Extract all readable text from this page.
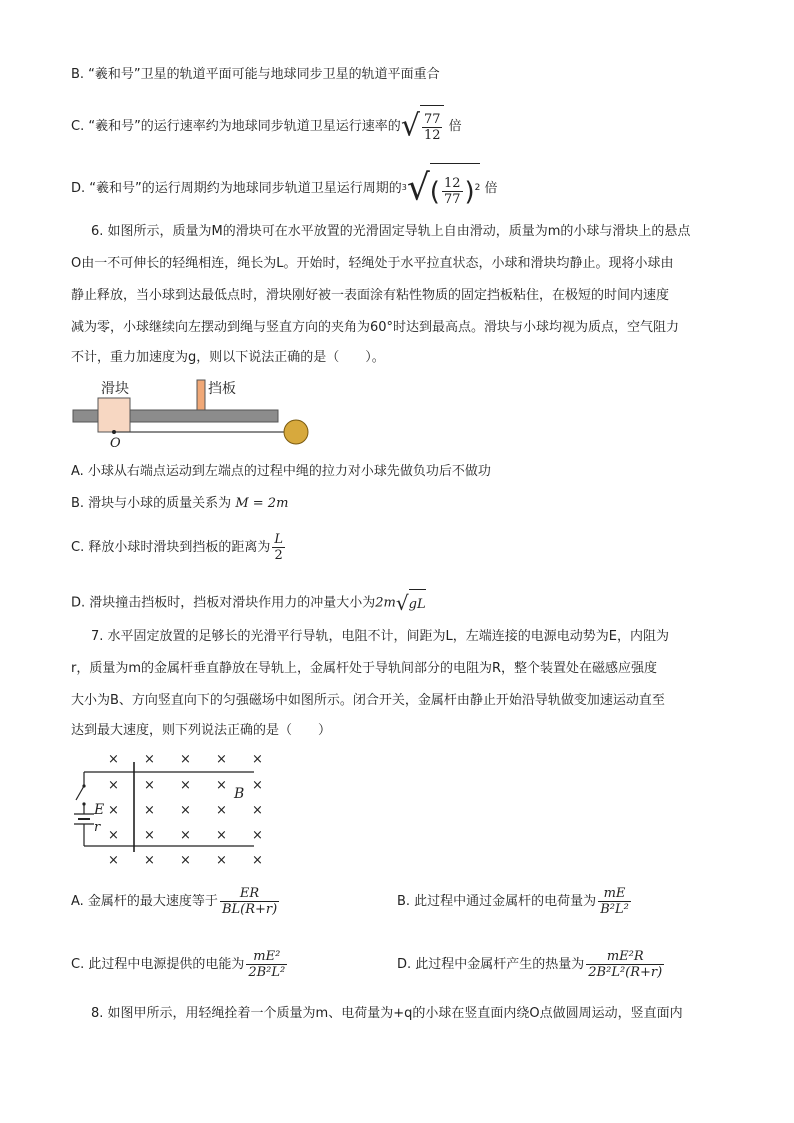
B. “羲和号”卫星的轨道平面可能与地球同步卫星的轨道平面重合
C. “羲和号”的运行速率约为地球同步轨道卫星运行速率的√ $\frac{77}{12}$ 倍
D. “羲和号”的运行周期约为地球同步轨道卫星运行周期的$3√( \frac{12}{77} )^2$ 倍
6. 如图所示，质量为M的滑块可在水平放置的光滑固定导轨上自由滑动，质量为m的小球与滑块上的悬点
O由一不可伸长的轻绳相连，绳长为L。开始时，轻绳处于水平拉直状态，小球和滑块均静止。现将小球由
静止释放，当小球到达最低点时，滑块刚好被一表面涂有粘性物质的固定挡板粘住，在极短的时间内速度
减为零，小球继续向左摆动到绳与竖直方向的夹角为60°时达到最高点。滑块与小球均视为质点，空气阻力
不计，重力加速度为g，则以下说法正确的是（　　）。
滑块	挡板
O
A. 小球从右端点运动到左端点的过程中绳的拉力对小球先做负功后不做功
B. 滑块与小球的质量关系为 M = 2m
C. 释放小球时滑块到挡板的距离为 $\frac{L}{2}$
D. 滑块撞击挡板时，挡板对滑块作用力的冲量大小为2m√gL
7. 水平固定放置的足够长的光滑平行导轨，电阻不计，间距为L，左端连接的电源电动势为E，内阻为
r，质量为m的金属杆垂直静放在导轨上，金属杆处于导轨间部分的电阻为R，整个装置处在磁感应强度
大小为B、方向竖直向下的匀强磁场中如图所示。闭合开关，金属杆由静止开始沿导轨做变加速运动直至
达到最大速度，则下列说法正确的是（　　）
E
r
B
× × × × ×
× × × × ×
× × × × ×
× × × × ×
× × × × ×
A. 金属杆的最大速度等于 $\frac{ER}{BL(R+r)}$	B. 此过程中通过金属杆的电荷量为 $\frac{mE}{\text{B²L²}}$
C. 此过程中电源提供的电能为 $\frac{\text{mE²}}{\text{2B²L²}}$	D. 此过程中金属杆产生的热量为 $\frac{\text{mE²R}}{\text{2B²L²(R+r)}}$
8. 如图甲所示，用轻绳拴着一个质量为m、电荷量为+q的小球在竖直面内绕O点做圆周运动，竖直面内
